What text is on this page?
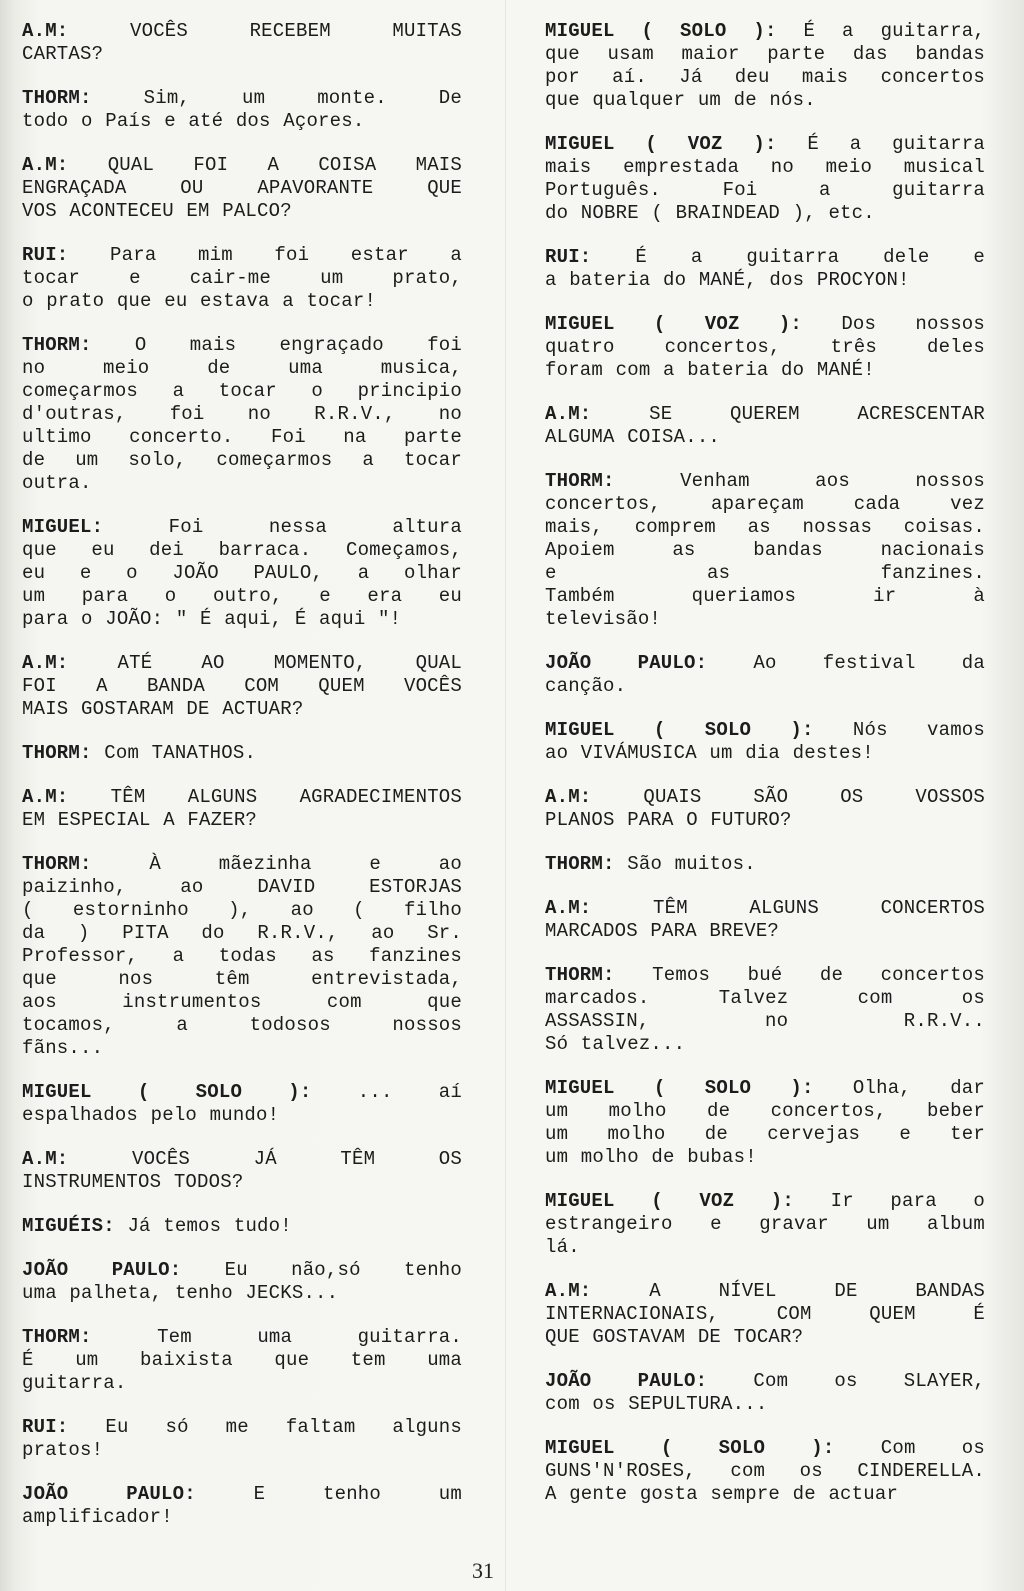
A.M:	VOCÊS RECEBEM MUITAS
CARTAS?
THORM:	Sim, um monte. De
todo o País e até dos Açores.
A.M: QUAL FOI A COISA MAIS
ENGRAÇADA OU APAVORANTE QUE
VOS ACONTECEU EM PALCO?
RUI: Para mim foi estar a
tocar e cair-me um prato,
o prato que eu estava a tocar!
THORM: O mais engraçado foi
no meio de uma musica,
começarmos a tocar o principio
d'outras, foi no R.R.V., no
ultimo concerto. Foi na parte
de um solo, começarmos a tocar
outra.
MIGUEL:	Foi nessa altura
que eu dei barraca. Começamos,
eu e o JOÃO PAULO, a olhar
um para o outro, e era eu
para o JOÃO: " É aqui, É aqui "!
A.M:	ATÉ AO MOMENTO, QUAL
FOI A BANDA COM QUEM VOCÊS
MAIS GOSTARAM DE ACTUAR?
THORM: Com TANATHOS.
A.M: TÊM ALGUNS AGRADECIMENTOS
EM ESPECIAL A FAZER?
THORM:	À mãezinha e ao
paizinho, ao DAVID ESTORJAS
( estorninho ), ao ( filho
da ) PITA do R.R.V., ao Sr.
Professor, a todas as fanzines
que nos têm entrevistada,
aos instrumentos com que
tocamos, a todosos nossos
fãns...
MIGUEL ( SOLO ): ... aí
espalhados pelo mundo!
A.M:	VOCÊS JÁ TÊM OS
INSTRUMENTOS TODOS?
MIGUÉIS: Já temos tudo!
JOÃO PAULO: Eu não,só tenho
uma palheta, tenho JECKS...
THORM:	Tem uma guitarra.
É um baixista que tem uma
guitarra.
RUI: Eu só me faltam alguns
pratos!
JOÃO PAULO:	E tenho um
amplificador!
MIGUEL ( SOLO ): É a guitarra,
que usam maior parte das bandas
por aí. Já deu mais concertos
que qualquer um de nós.
MIGUEL ( VOZ ): É a guitarra
mais emprestada no meio musical
Português. Foi a guitarra
do NOBRE ( BRAINDEAD ), etc.
RUI: É a guitarra dele e
a bateria do MANÉ, dos PROCYON!
MIGUEL ( VOZ ): Dos nossos
quatro concertos, três deles
foram com a bateria do MANÉ!
A.M:	SE QUEREM ACRESCENTAR
ALGUMA COISA...
THORM:	Venham aos nossos
concertos, apareçam cada vez
mais, comprem as nossas coisas.
Apoiem as bandas nacionais
e as fanzines.
Também queriamos ir à
televisão!
JOÃO PAULO: Ao festival da
canção.
MIGUEL ( SOLO ): Nós vamos
ao VIVÁMUSICA um dia destes!
A.M:	QUAIS SÃO OS VOSSOS
PLANOS PARA O FUTURO?
THORM: São muitos.
A.M:	TÊM ALGUNS CONCERTOS
MARCADOS PARA BREVE?
THORM: Temos bué de concertos
marcados. Talvez com os
ASSASSIN, no R.R.V..
Só talvez...
MIGUEL ( SOLO ): Olha, dar
um molho de concertos, beber
um molho de cervejas e ter
um molho de bubas!
MIGUEL ( VOZ ): Ir para o
estrangeiro e gravar um album
lá.
A.M:	A NÍVEL DE BANDAS
INTERNACIONAIS, COM QUEM É
QUE GOSTAVAM DE TOCAR?
JOÃO PAULO: Com os SLAYER,
com os SEPULTURA...
MIGUEL ( SOLO ): Com os
GUNS'N'ROSES, com os CINDERELLA.
A gente gosta sempre de actuar
31
